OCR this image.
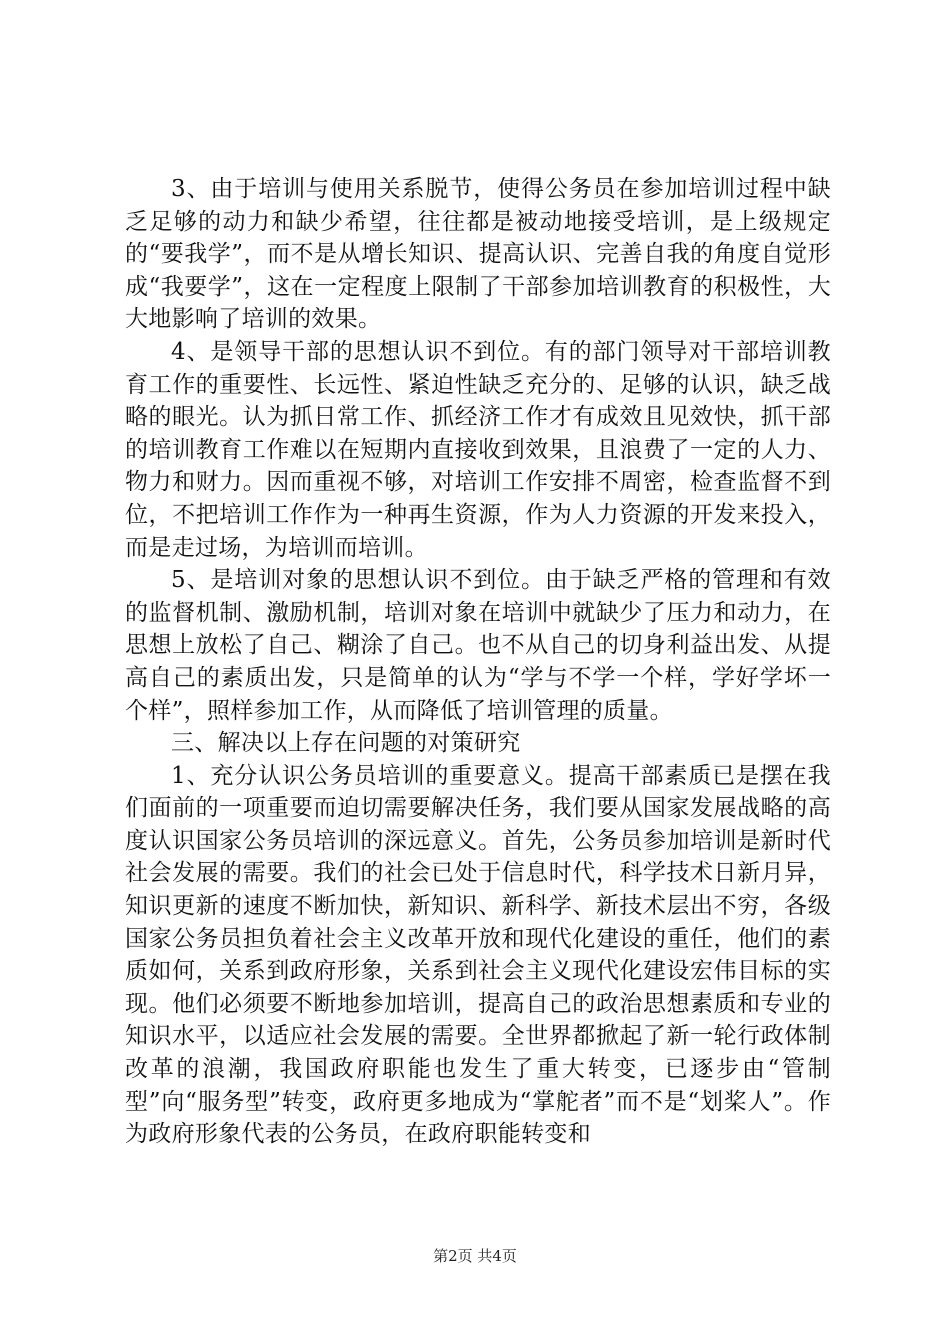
3、由于培训与使用关系脱节，使得公务员在参加培训过程中缺乏足够的动力和缺少希望，往往都是被动地接受培训，是上级规定的“要我学”，而不是从增长知识、提高认识、完善自我的角度自觉形成“我要学”，这在一定程度上限制了干部参加培训教育的积极性，大大地影响了培训的效果。

4、是领导干部的思想认识不到位。有的部门领导对干部培训教育工作的重要性、长远性、紧迫性缺乏充分的、足够的认识，缺乏战略的眼光。认为抓日常工作、抓经济工作才有成效且见效快，抓干部的培训教育工作难以在短期内直接收到效果，且浪费了一定的人力、物力和财力。因而重视不够，对培训工作安排不周密，检查监督不到位，不把培训工作作为一种再生资源，作为人力资源的开发来投入，而是走过场，为培训而培训。

5、是培训对象的思想认识不到位。由于缺乏严格的管理和有效的监督机制、激励机制，培训对象在培训中就缺少了压力和动力，在思想上放松了自己、糊涂了自己。也不从自己的切身利益出发、从提高自己的素质出发，只是简单的认为“学与不学一个样，学好学坏一个样”，照样参加工作，从而降低了培训管理的质量。

三、解决以上存在问题的对策研究

1、充分认识公务员培训的重要意义。提高干部素质已是摆在我们面前的一项重要而迫切需要解决任务，我们要从国家发展战略的高度认识国家公务员培训的深远意义。首先，公务员参加培训是新时代社会发展的需要。我们的社会已处于信息时代，科学技术日新月异，知识更新的速度不断加快，新知识、新科学、新技术层出不穷，各级国家公务员担负着社会主义改革开放和现代化建设的重任，他们的素质如何，关系到政府形象，关系到社会主义现代化建设宏伟目标的实现。他们必须要不断地参加培训，提高自己的政治思想素质和专业的知识水平，以适应社会发展的需要。全世界都掀起了新一轮行政体制改革的浪潮，我国政府职能也发生了重大转变，已逐步由“管制型”向“服务型”转变，政府更多地成为“掌舵者”而不是“划桨人”。作为政府形象代表的公务员，在政府职能转变和

第2页 共4页
